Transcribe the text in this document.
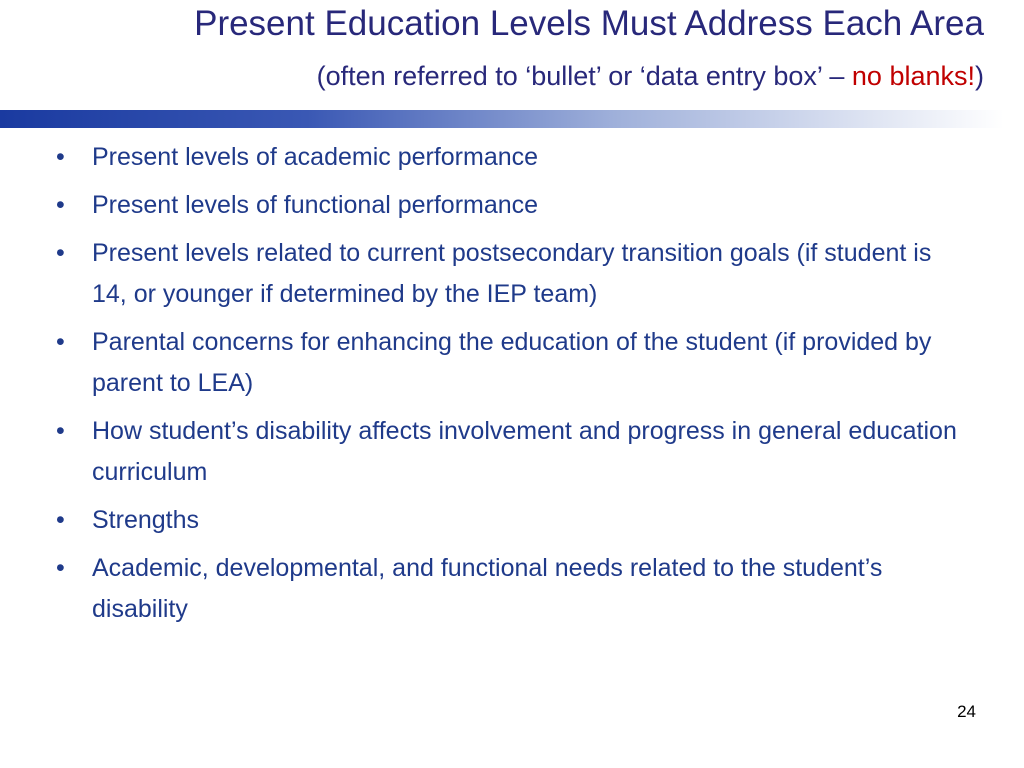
Present Education Levels Must Address Each Area
(often referred to ‘bullet’ or ‘data entry box’ – no blanks!)
• Present levels of academic performance
• Present levels of functional performance
• Present levels related to current postsecondary transition goals (if student is 14, or younger if determined by the IEP team)
• Parental concerns for enhancing the education of the student (if provided by parent to LEA)
• How student’s disability affects involvement and progress in general education curriculum
• Strengths
• Academic, developmental, and functional needs related to the student’s disability
24
